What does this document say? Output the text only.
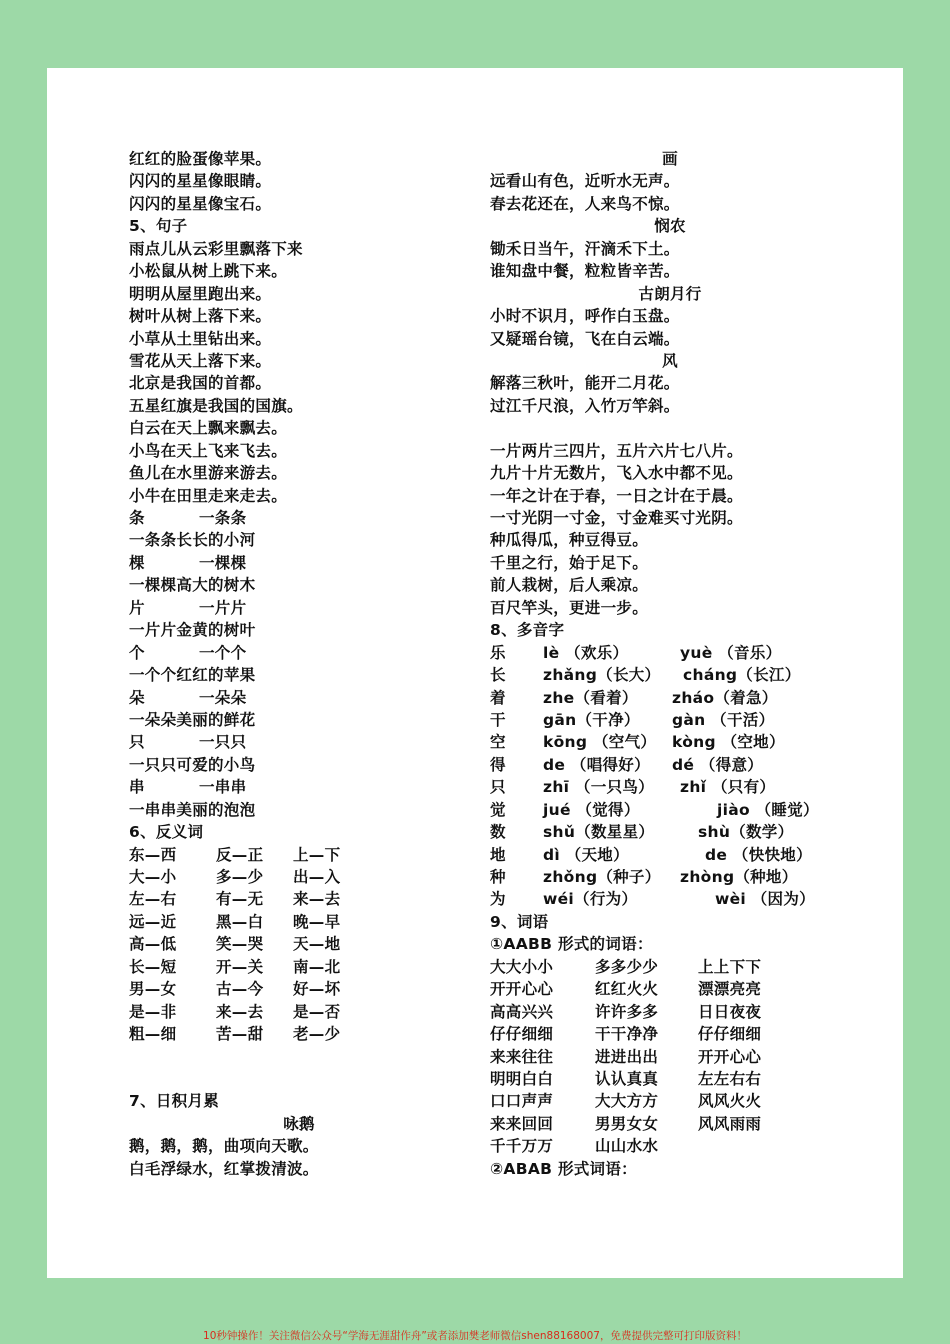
红红的脸蛋像苹果。
闪闪的星星像眼睛。
闪闪的星星像宝石。
5、句子
雨点儿从云彩里飘落下来
小松鼠从树上跳下来。
明明从屋里跑出来。
树叶从树上落下来。
小草从土里钻出来。
雪花从天上落下来。
北京是我国的首都。
五星红旗是我国的国旗。
白云在天上飘来飘去。
小鸟在天上飞来飞去。
鱼儿在水里游来游去。
小牛在田里走来走去。
条	一条条
一条条长长的小河
棵	一棵棵
一棵棵高大的树木
片	一片片
一片片金黄的树叶
个	一个个
一个个红红的苹果
朵	一朵朵
一朵朵美丽的鲜花
只	一只只
一只只可爱的小鸟
串	一串串
一串串美丽的泡泡
6、反义词
东—西	反—正 上—下
大—小	多—少 出—入
左—右	有—无 来—去
远—近	黑—白 晚—早
高—低	笑—哭 天—地
长—短	开—关 南—北
男—女	古—今 好—坏
是—非	来—去 是—否
粗—细	苦—甜 老—少
7、日积月累
咏鹅
鹅，鹅，鹅，曲项向天歌。
白毛浮绿水，红掌拨清波。
画
远看山有色，近听水无声。
春去花还在，人来鸟不惊。
悯农
锄禾日当午，汗滴禾下土。
谁知盘中餐，粒粒皆辛苦。
古朗月行
小时不识月，呼作白玉盘。
又疑瑶台镜，飞在白云端。
风
解落三秋叶，能开二月花。
过江千尺浪，入竹万竿斜。
一片两片三四片，五片六片七八片。
九片十片无数片，飞入水中都不见。
一年之计在于春，一日之计在于晨。
一寸光阴一寸金，寸金难买寸光阴。
种瓜得瓜，种豆得豆。
千里之行，始于足下。
前人栽树，后人乘凉。
百尺竿头，更进一步。
8、多音字
乐 lè （欢乐）	yuè （音乐）
长 zhǎng（长大） cháng（长江）
着 zhe（看着） zháo（着急）
干 gān（干净） gàn （干活）
空 kōng （空气） kòng （空地）
得 de （唱得好） dé （得意）
只 zhī （一只鸟） zhǐ （只有）
觉 jué （觉得）	jiào （睡觉）
数 shǔ（数星星）	shù（数学）
地 dì （天地）	de （快快地）
种 zhǒng（种子） zhòng（种地）
为 wéi（行为）	wèi （因为）
9、词语
①AABB 形式的词语：
大大小小	多多少少	上上下下
开开心心	红红火火	漂漂亮亮
高高兴兴	许许多多	日日夜夜
仔仔细细	干干净净	仔仔细细
来来往往	进进出出	开开心心
明明白白	认认真真	左左右右
口口声声	大大方方	风风火火
来来回回	男男女女	风风雨雨
千千万万	山山水水
②ABAB 形式词语：
10秒钟操作！关注微信公众号“学海无涯甜作舟”或者添加樊老师微信shen88168007，免费提供完整可打印版资料！
